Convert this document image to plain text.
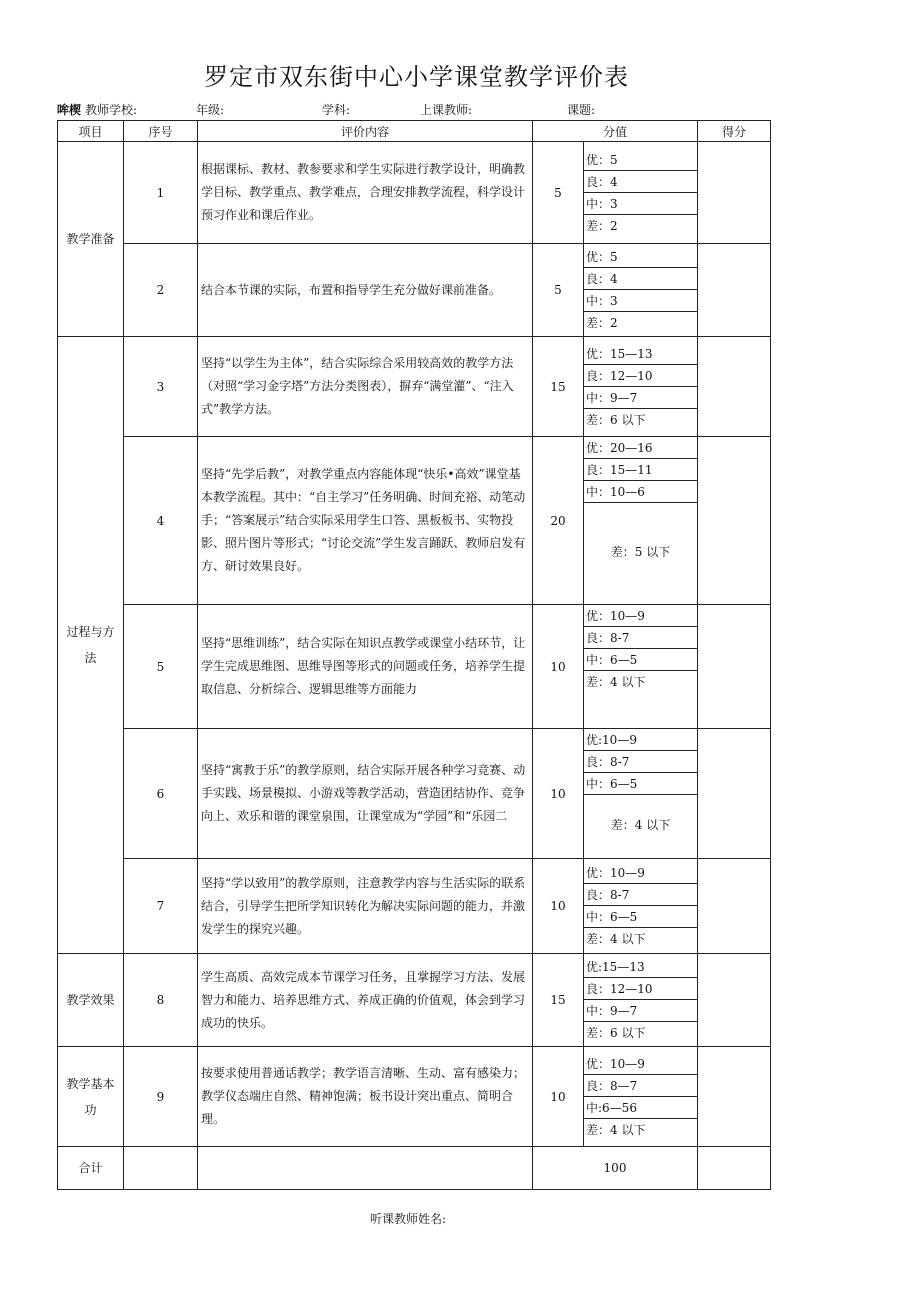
罗定市双东街中心小学课堂教学评价表
哞楔 教师学校:	年级:	学科:	上课教师:	课题:
项目	序号	评价内容	分值		得分
教学准备	1	根据课标、教材、教参要求和学生实际进行教学设计，明确教学目标、教学重点、教学难点，合理安排教学流程，科学设计预习作业和课后作业。	5	优：5
良：4
中：3
差：2	

	2	结合本节课的实际，布置和指导学生充分做好课前准备。	5	优：5
良：4
中：3
差：2	

过程与方法	3	坚持“以学生为主体”，结合实际综合采用较高效的教学方法（对照“学习金字塔”方法分类图表），摒弃“满堂灌”、“注入式”教学方法。	15	优：15—13
良：12—10
中：9—7
差：6 以下	

	4	坚持“先学后教”，对教学重点内容能体现“快乐•高效”课堂基本教学流程。其中：“自主学习”任务明确、时间充裕、动笔动手；“答案展示”结合实际采用学生口答、黑板板书、实物投影、照片图片等形式；“讨论交流”学生发言踊跃、教师启发有方、研讨效果良好。	20	优：20—16
良：15—11
中：10—6
差：5 以下	

	5	坚持“思维训练”，结合实际在知识点教学或课堂小结环节，让学生完成思维图、思维导图等形式的问题或任务，培养学生提取信息、分析综合、逻辑思维等方面能力	10	优：10—9
良：8-7
中：6—5
差：4 以下	

	6	坚持“寓教于乐”的教学原则，结合实际开展各种学习竞赛、动手实践、场景模拟、小游戏等教学活动，营造团结协作、竞争向上、欢乐和谐的课堂泉围，让课堂成为“学园”和“乐园二	10	优:10—9
良：8-7
中：6—5
差：4 以下	

	7	坚持“学以致用”的教学原则，注意教学内容与生活实际的联系结合，引导学生把所学知识转化为解决实际问题的能力，并激发学生的探究兴趣。	10	优：10—9
良：8-7
中：6—5
差：4 以下	

教学效果	8	学生高质、高效完成本节课学习任务，且掌握学习方法、发展智力和能力、培养思维方式、养成正确的价值观，体会到学习成功的快乐。	15	优:15—13
良：12—10
中：9—7
差：6 以下	

教学基本功	9	按要求使用普通话教学；教学语言清晰、生动、富有感染力；教学仪态端庄自然、精神饱满；板书设计突出重点、简明合理。	10	优：10—9
良：8—7
中:6—56
差：4 以下	

合计			100		
听课教师姓名:
